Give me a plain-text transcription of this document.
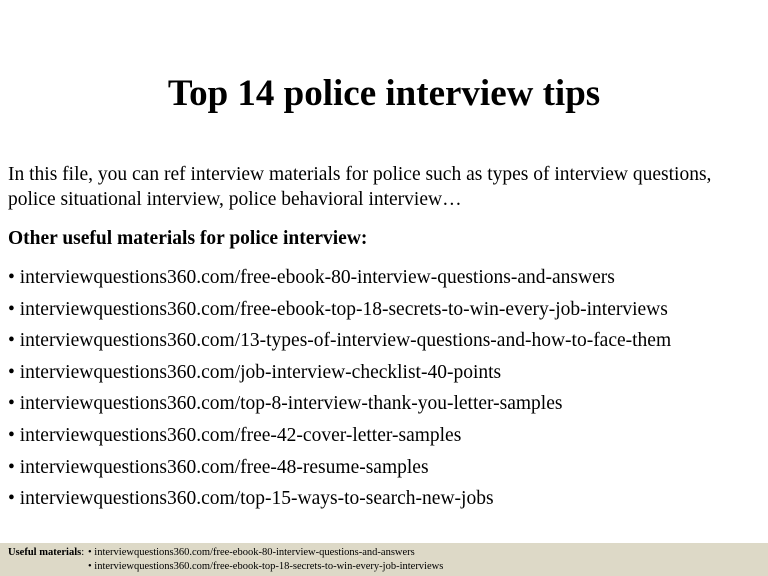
Top 14 police interview tips
In this file, you can ref interview materials for police such as types of interview questions, police situational interview, police behavioral interview…
Other useful materials for police interview:
• interviewquestions360.com/free-ebook-80-interview-questions-and-answers
• interviewquestions360.com/free-ebook-top-18-secrets-to-win-every-job-interviews
• interviewquestions360.com/13-types-of-interview-questions-and-how-to-face-them
• interviewquestions360.com/job-interview-checklist-40-points
• interviewquestions360.com/top-8-interview-thank-you-letter-samples
• interviewquestions360.com/free-42-cover-letter-samples
• interviewquestions360.com/free-48-resume-samples
• interviewquestions360.com/top-15-ways-to-search-new-jobs
Useful materials: • interviewquestions360.com/free-ebook-80-interview-questions-and-answers
• interviewquestions360.com/free-ebook-top-18-secrets-to-win-every-job-interviews
